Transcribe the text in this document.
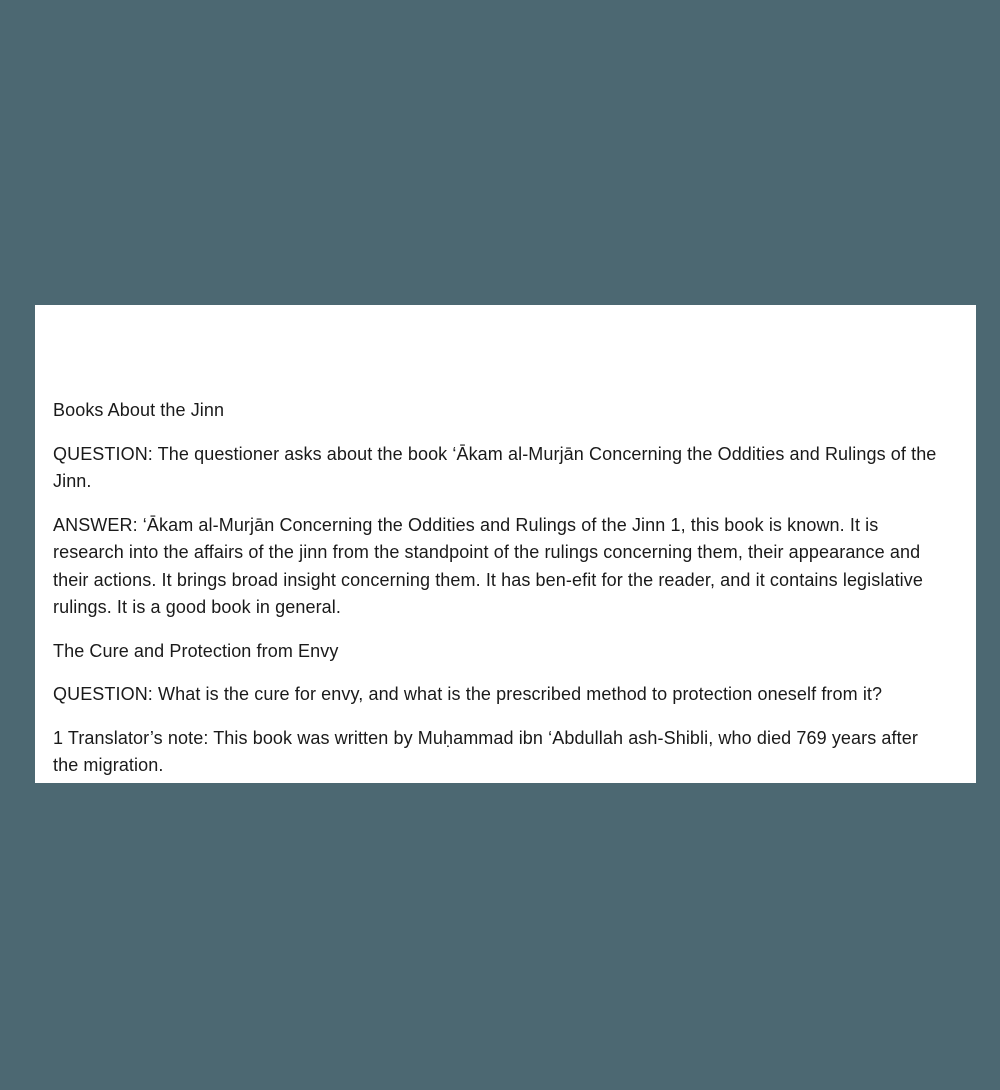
Books About the Jinn

QUESTION: The questioner asks about the book ‘Ākam al-Murjān Concerning the Oddities and Rulings of the Jinn.

ANSWER: ‘Ākam al-Murjān Concerning the Oddities and Rulings of the Jinn 1, this book is known. It is research into the affairs of the jinn from the standpoint of the rulings concerning them, their appearance and their actions. It brings broad insight concerning them. It has ben-efit for the reader, and it contains legislative rulings. It is a good book in general.

The Cure and Protection from Envy

QUESTION: What is the cure for envy, and what is the prescribed method to protection oneself from it?

1 Translator’s note: This book was written by Muḥammad ibn ‘Abdullah ash-Shibli, who died 769 years after the migration.
